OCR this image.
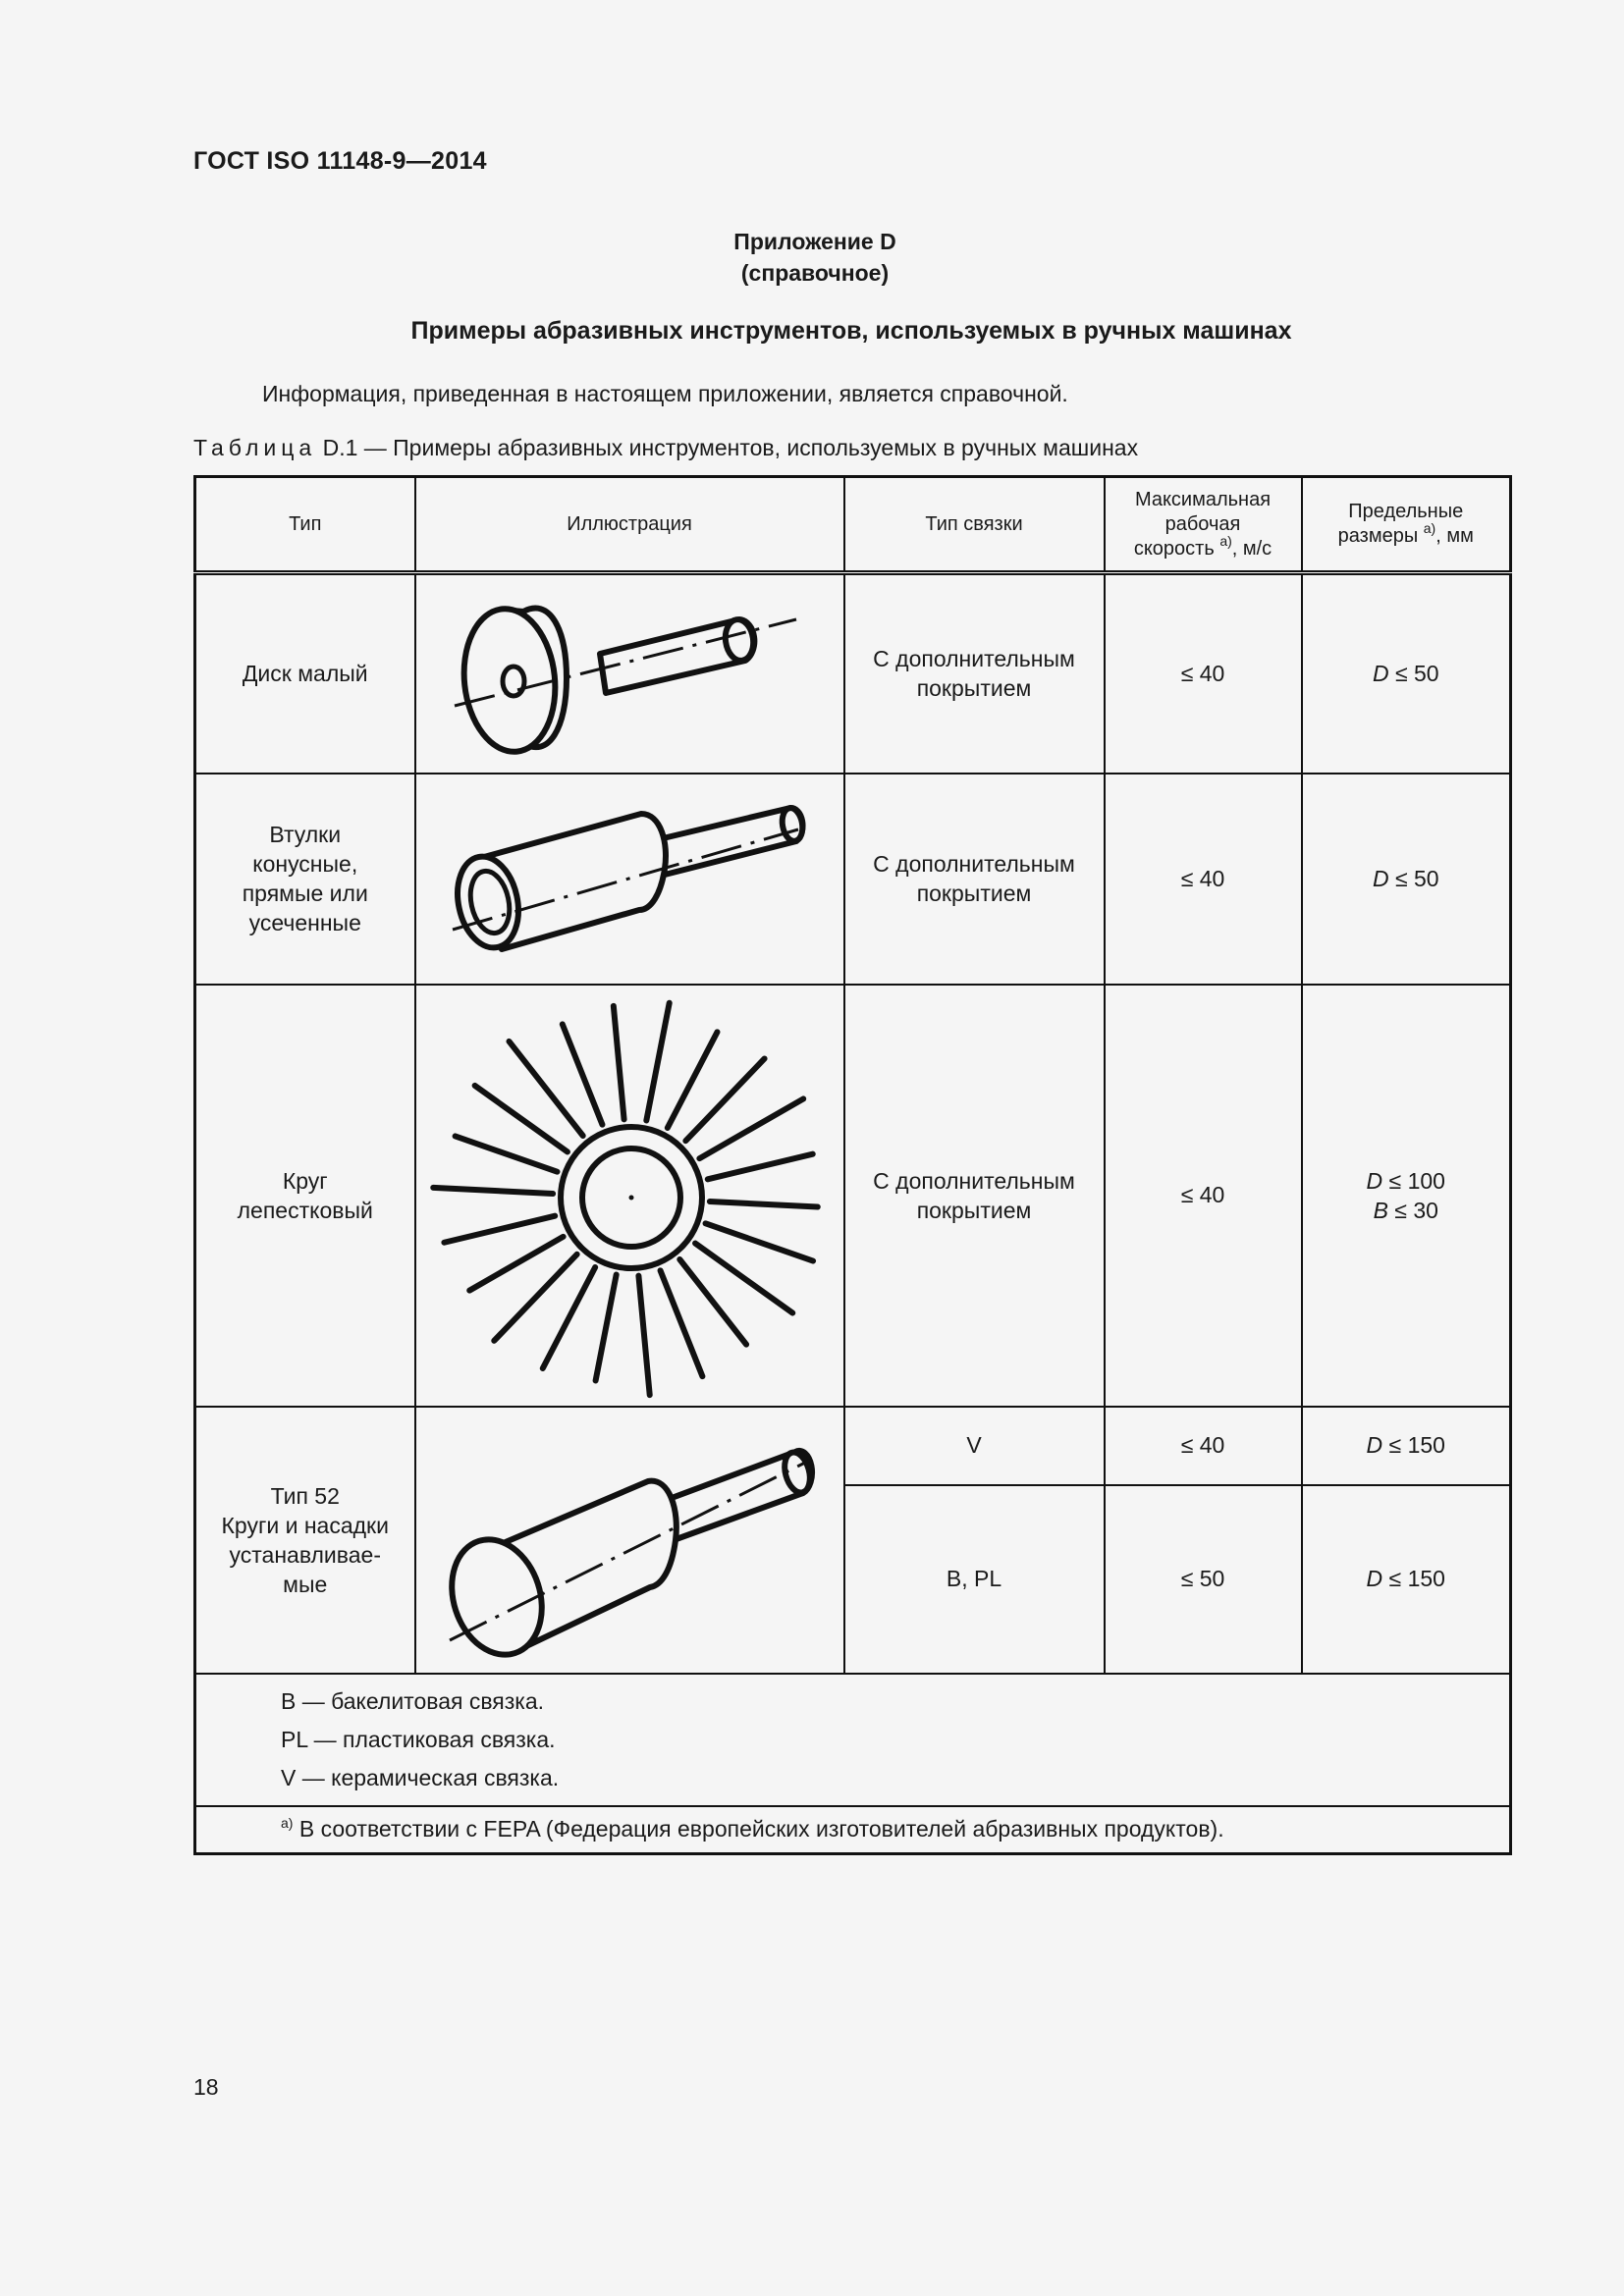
ГОСТ ISO 11148-9—2014
Приложение D
(справочное)
Примеры абразивных инструментов, используемых в ручных машинах
Информация, приведенная в настоящем приложении, является справочной.
Таблица D.1 — Примеры абразивных инструментов, используемых в ручных машинах
Тип	Иллюстрация	Тип связки	Максимальная
рабочая
скорость $^{а)}$, м/с	Предельные
размеры $^{а)}$, мм
Диск малый		С дополнительным
покрытием	≤ 40	D ≤ 50

Втулки
конусные,
прямые или
усеченные		С дополнительным
покрытием	≤ 40	D ≤ 50

Круг
лепестковый		С дополнительным
покрытием	≤ 40	D ≤ 100
B ≤ 30

Тип 52
Круги и насадки
устанавливае-
мые		V	≤ 40	D ≤ 150
		B, PL	≤ 50	D ≤ 150

B — бакелитовая связка.
PL — пластиковая связка.
V — керамическая связка.				

$^{а)}$ В соответствии с FEPA (Федерация европейских изготовителей абразивных продуктов).				
18
